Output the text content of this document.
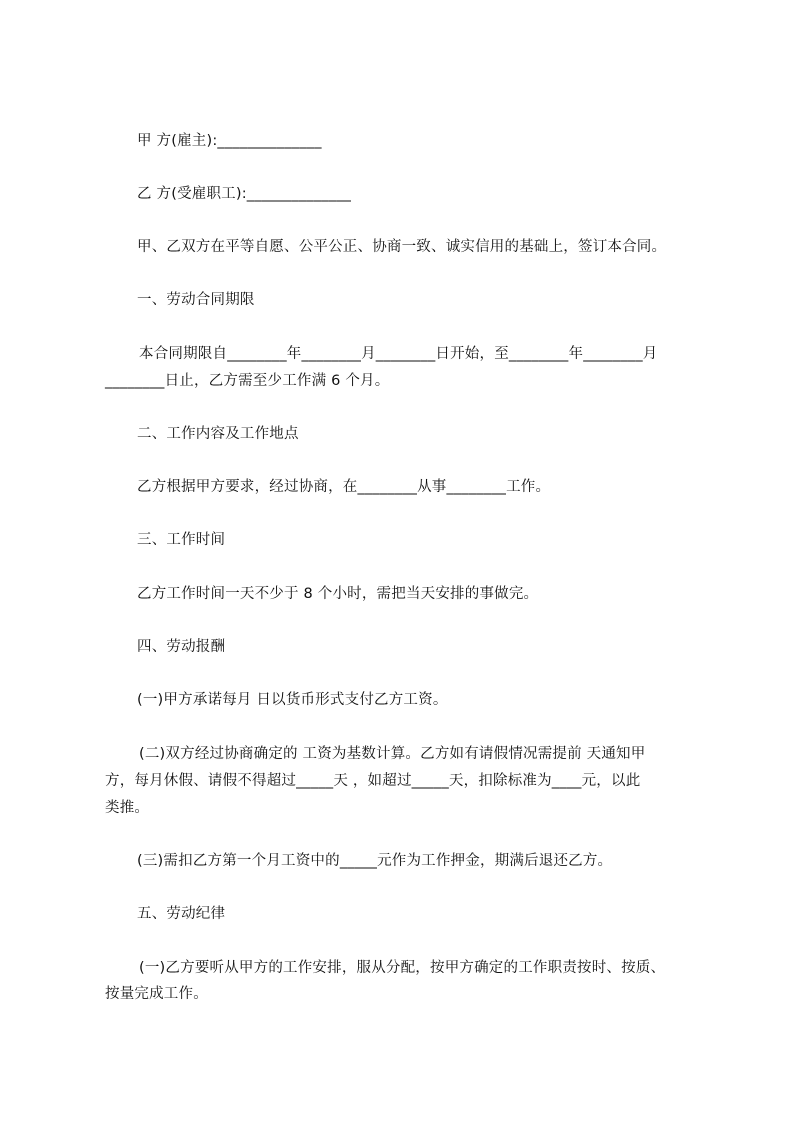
甲 方(雇主):______________
乙 方(受雇职工):______________
甲、乙双方在平等自愿、公平公正、协商一致、诚实信用的基础上，签订本合同。
一、劳动合同期限
本合同期限自________年________月________日开始，至________年________月
________日止，乙方需至少工作满 6 个月。
二、工作内容及工作地点
乙方根据甲方要求，经过协商，在________从事________工作。
三、工作时间
乙方工作时间一天不少于 8 个小时，需把当天安排的事做完。
四、劳动报酬
(一)甲方承诺每月 日以货币形式支付乙方工资。
(二)双方经过协商确定的 工资为基数计算。乙方如有请假情况需提前 天通知甲
方，每月休假、请假不得超过_____天 ，如超过_____天，扣除标准为____元，以此
类推。
(三)需扣乙方第一个月工资中的_____元作为工作押金，期满后退还乙方。
五、劳动纪律
(一)乙方要听从甲方的工作安排，服从分配，按甲方确定的工作职责按时、按质、
按量完成工作。
